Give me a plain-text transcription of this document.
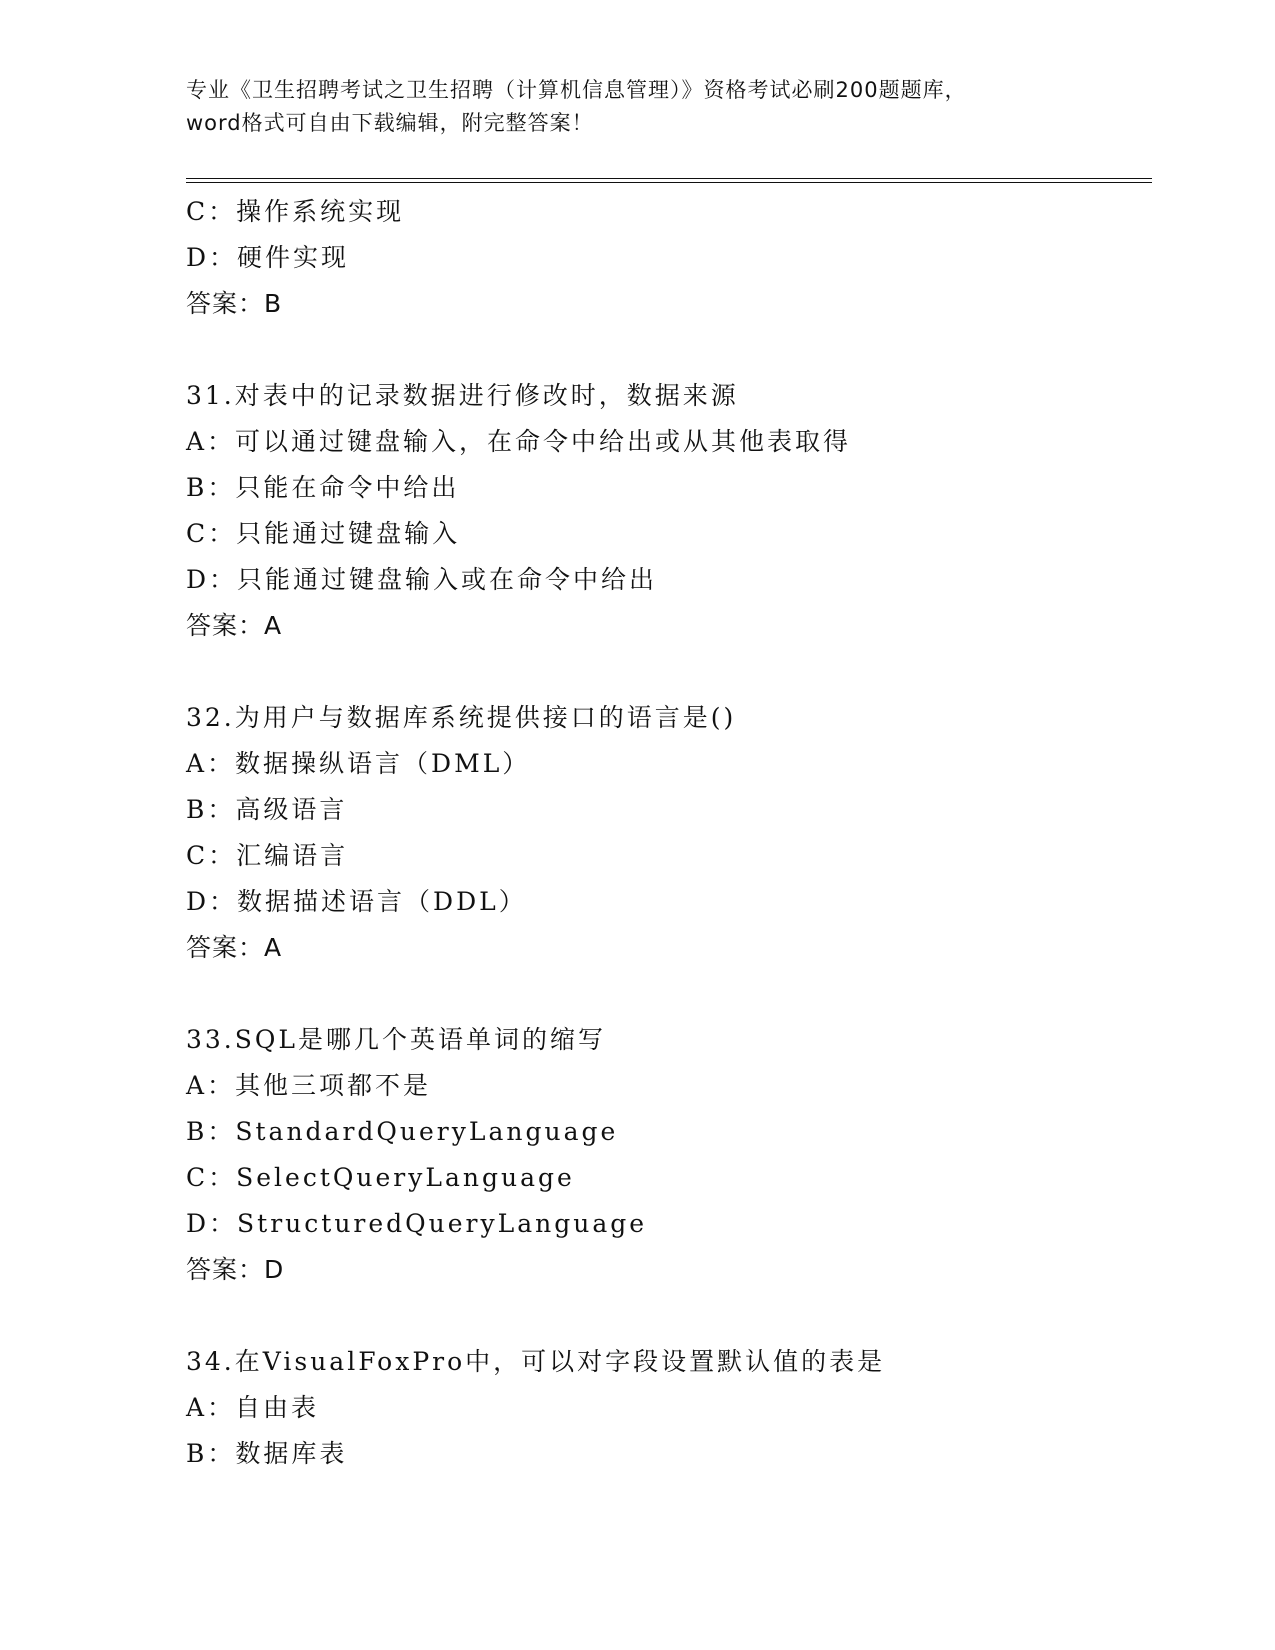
专业《卫生招聘考试之卫生招聘（计算机信息管理）》资格考试必刷200题题库，
word格式可自由下载编辑，附完整答案！
C：操作系统实现
D：硬件实现
答案：B
31.对表中的记录数据进行修改时，数据来源
A：可以通过键盘输入，在命令中给出或从其他表取得
B：只能在命令中给出
C：只能通过键盘输入
D：只能通过键盘输入或在命令中给出
答案：A
32.为用户与数据库系统提供接口的语言是()
A：数据操纵语言（DML）
B：高级语言
C：汇编语言
D：数据描述语言（DDL）
答案：A
33.SQL是哪几个英语单词的缩写
A：其他三项都不是
B：StandardQueryLanguage
C：SelectQueryLanguage
D：StructuredQueryLanguage
答案：D
34.在VisualFoxPro中，可以对字段设置默认值的表是
A：自由表
B：数据库表
